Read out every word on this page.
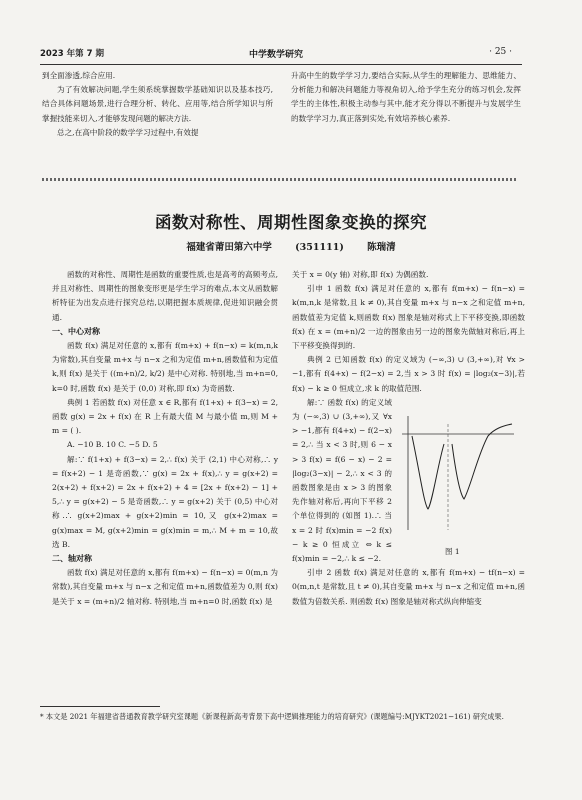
2023 年第 7 期	中学数学研究	· 25 ·

到全面渗透,综合应用.

为了有效解决问题,学生须系统掌握数学基础知识以及基本技巧,结合具体问题场景,进行合理分析、转化、应用等,结合所学知识与所掌握技能来切入,才能够发现问题的解决方法.

总之,在高中阶段的数学学习过程中,有效提

升高中生的数学学习力,要结合实际,从学生的理解能力、思维能力、分析能力和解决问题能力等视角切入,给予学生充分的练习机会,发挥学生的主体性,积极主动参与其中,能才充分得以不断提升与发展学生的数学学习力,真正落到实处,有效培养核心素养.

函数对称性、周期性图象变换的探究
福建省莆田第六中学 (351111) 陈瑞清

函数的对称性、周期性是函数的重要性质,也是高考的高频考点,并且对称性、周期性的图象变形更是学生学习的难点,本文从函数解析特征为出发点进行探究总结,以期把握本质规律,促进知识融会贯通.

一、中心对称

函数 f(x) 满足对任意的 x,都有 f(m+x) + f(n−x) = k(m,n,k 为常数),其自变量 m+x 与 n−x 之和为定值 m+n,函数值和为定值 k,则 f(x) 是关于 ((m+n)/2, k/2) 是中心对称. 特别地,当 m+n=0, k=0 时,函数 f(x) 是关于 (0,0) 对称,即 f(x) 为奇函数.

典例 1 若函数 f(x) 对任意 x ∈ R,都有 f(1+x) + f(3−x) = 2,函数 g(x) = 2x + f(x) 在 R 上有最大值 M 与最小值 m,则 M + m = ( ).

A. −10 B. 10 C. −5 D. 5

解:∵ f(1+x) + f(3−x) = 2,∴ f(x) 关于 (2,1) 中心对称,∴ y = f(x+2) − 1 是奇函数,∵ g(x) = 2x + f(x),∴ y = g(x+2) = 2(x+2) + f(x+2) = 2x + f(x+2) + 4 = [2x + f(x+2) − 1] + 5,∴ y = g(x+2) − 5 是奇函数,∴ y = g(x+2) 关于 (0,5) 中心对称.∴ g(x+2)max + g(x+2)min = 10,又 g(x+2)max = g(x)max = M, g(x+2)min = g(x)min = m,∴ M + m = 10,故选 B.

二、轴对称

函数 f(x) 满足对任意的 x,都有 f(m+x) − f(n−x) = 0(m,n 为常数),其自变量 m+x 与 n−x 之和定值 m+n,函数值差为 0,则 f(x) 是关于 x = (m+n)/2 轴对称. 特别地,当 m+n=0 时,函数 f(x) 是

关于 x = 0(y 轴) 对称,即 f(x) 为偶函数.

引申 1 函数 f(x) 满足对任意的 x,都有 f(m+x) − f(n−x) = k(m,n,k 是常数,且 k ≠ 0),其自变量 m+x 与 n−x 之和定值 m+n,函数值差为定值 k,则函数 f(x) 图象是轴对称式上下平移变换,即函数 f(x) 在 x = (m+n)/2 一边的图象由另一边的图象先做轴对称后,再上下平移变换得到的.

典例 2 已知函数 f(x) 的定义域为 (−∞,3) ∪ (3,+∞),对 ∀x > −1,都有 f(4+x) − f(2−x) = 2,当 x > 3 时 f(x) = |log₂(x−3)|,若 f(x) − k ≥ 0 恒成立,求 k 的取值范围.

解:∵ 函数 f(x) 的定义域为 (−∞,3) ∪ (3,+∞),又 ∀x > −1,都有 f(4+x) − f(2−x) = 2,∴ 当 x < 3 时,则 6 − x > 3 f(x) = f(6 − x) − 2 = |log₂(3−x)| − 2,∴ x < 3 的函数图象是由 x > 3 的图象先作轴对称后,再向下平移 2 个单位得到的 (如图 1).∴ 当 x = 2 时 f(x)min = −2 f(x) − k ≥ 0 恒成立 ⇔ k ≤ f(x)min = −2,∴ k ≤ −2.

引申 2 函数 f(x) 满足对任意的 x,都有 f(m+x) − tf(n−x) = 0(m,n,t 是常数,且 t ≠ 0),其自变量 m+x 与 n−x 之和定值 m+n,函数值为倍数关系. 则函数 f(x) 图象是轴对称式纵向伸缩变

图 1
* 本文是 2021 年福建省普通教育教学研究室课题《新课程新高考背景下高中逻辑推理能力的培育研究》(课题编号:MJYKT2021−161) 研究成果.
